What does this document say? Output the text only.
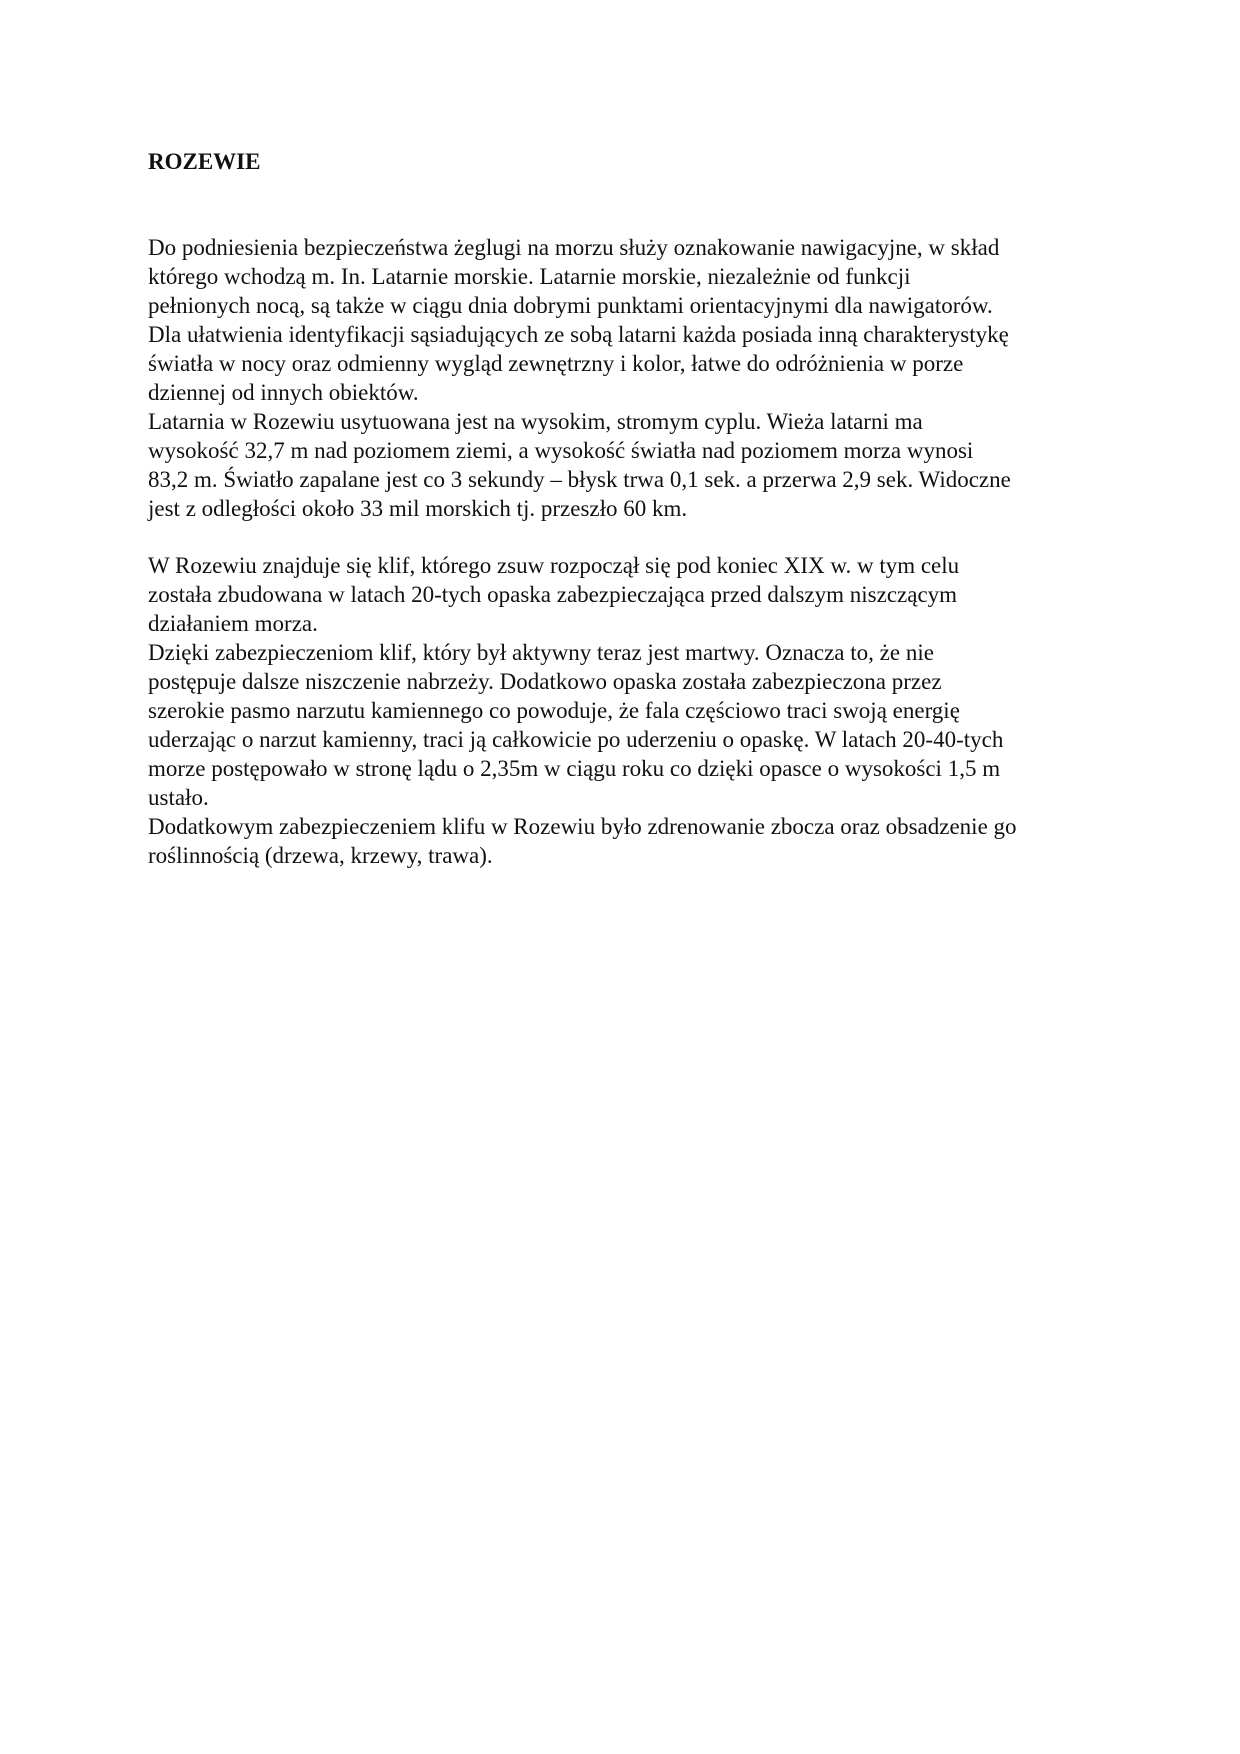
ROZEWIE

Do podniesienia bezpieczeństwa żeglugi na morzu służy oznakowanie nawigacyjne, w skład

którego wchodzą m. In. Latarnie morskie. Latarnie morskie, niezależnie od funkcji

pełnionych nocą, są także w ciągu dnia dobrymi punktami orientacyjnymi dla nawigatorów.

Dla ułatwienia identyfikacji sąsiadujących ze sobą latarni każda posiada inną charakterystykę

światła w nocy oraz odmienny wygląd zewnętrzny i kolor, łatwe do odróżnienia w porze

dziennej od innych obiektów.

Latarnia w Rozewiu usytuowana jest na wysokim, stromym cyplu. Wieża latarni ma

wysokość 32,7 m nad poziomem ziemi, a wysokość światła nad poziomem morza wynosi

83,2 m. Światło zapalane jest co 3 sekundy – błysk trwa 0,1 sek. a przerwa 2,9 sek. Widoczne

jest z odległości około 33 mil morskich tj. przeszło 60 km.

W Rozewiu znajduje się klif, którego zsuw rozpoczął się pod koniec XIX w. w tym celu

została zbudowana w latach 20-tych opaska zabezpieczająca przed dalszym niszczącym

działaniem morza.

Dzięki zabezpieczeniom klif, który był aktywny teraz jest martwy. Oznacza to, że nie

postępuje dalsze niszczenie nabrzeży. Dodatkowo opaska została zabezpieczona przez

szerokie pasmo narzutu kamiennego co powoduje, że fala częściowo traci swoją energię

uderzając o narzut kamienny, traci ją całkowicie po uderzeniu o opaskę. W latach 20-40-tych

morze postępowało w stronę lądu o 2,35m w ciągu roku co dzięki opasce o wysokości 1,5 m

ustało.

Dodatkowym zabezpieczeniem klifu w Rozewiu było zdrenowanie zbocza oraz obsadzenie go

roślinnością (drzewa, krzewy, trawa).
